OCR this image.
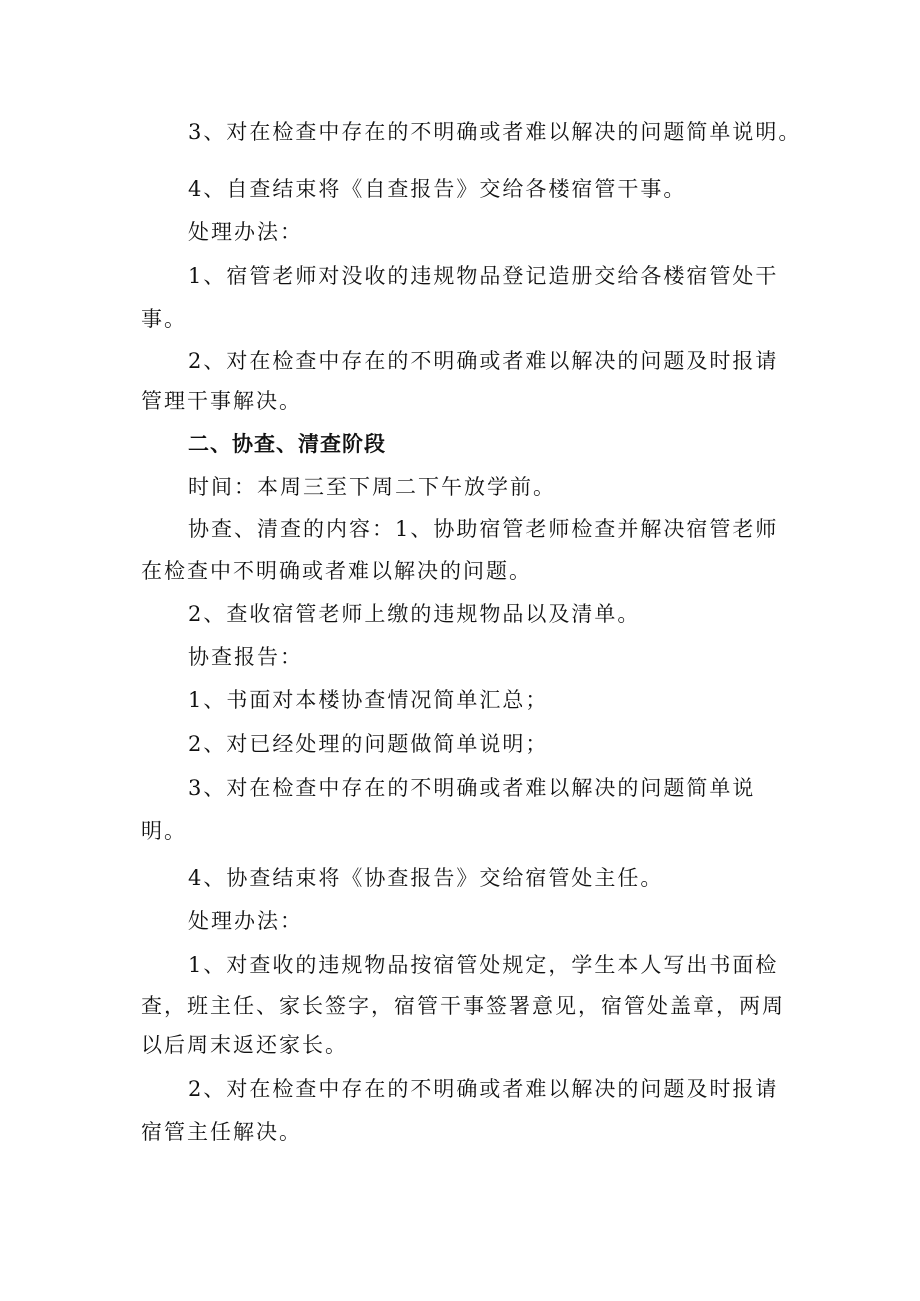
3、对在检查中存在的不明确或者难以解决的问题简单说明。
4、自查结束将《自查报告》交给各楼宿管干事。
处理办法：
1、宿管老师对没收的违规物品登记造册交给各楼宿管处干
事。
2、对在检查中存在的不明确或者难以解决的问题及时报请
管理干事解决。
二、协查、清查阶段
时间：本周三至下周二下午放学前。
协查、清查的内容：1、协助宿管老师检查并解决宿管老师
在检查中不明确或者难以解决的问题。
2、查收宿管老师上缴的违规物品以及清单。
协查报告：
1、书面对本楼协查情况简单汇总；
2、对已经处理的问题做简单说明；
3、对在检查中存在的不明确或者难以解决的问题简单说
明。
4、协查结束将《协查报告》交给宿管处主任。
处理办法：
1、对查收的违规物品按宿管处规定，学生本人写出书面检
查，班主任、家长签字，宿管干事签署意见，宿管处盖章，两周
以后周末返还家长。
2、对在检查中存在的不明确或者难以解决的问题及时报请
宿管主任解决。
